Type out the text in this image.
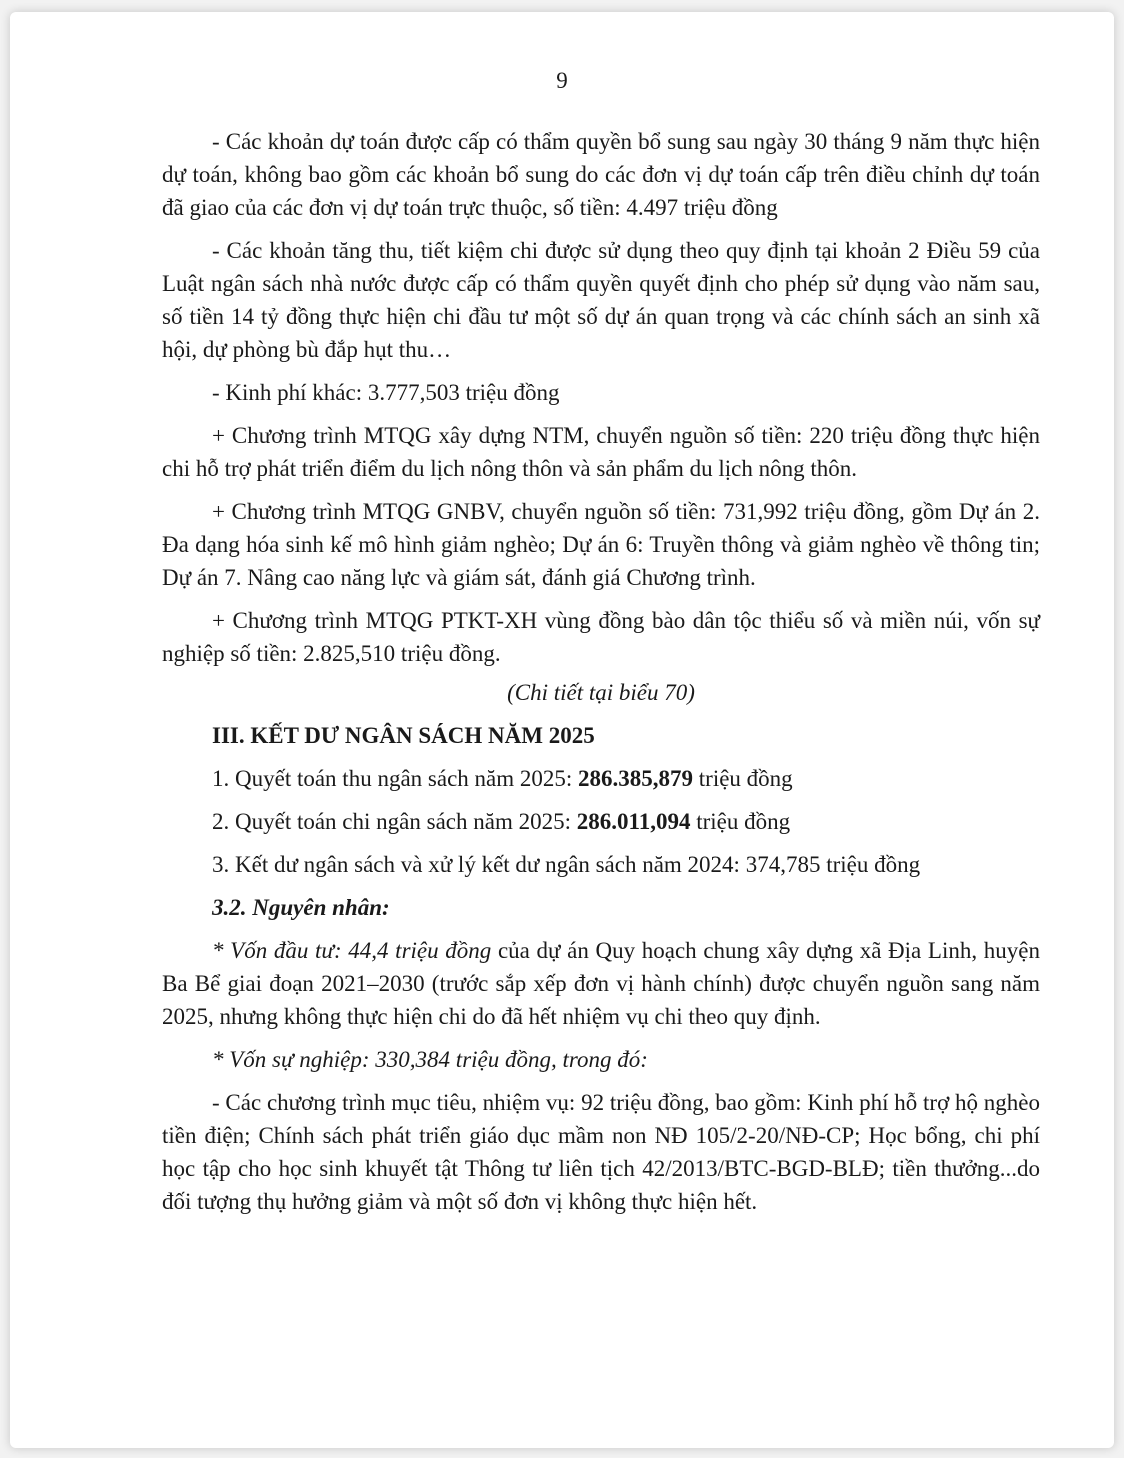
9

- Các khoản dự toán được cấp có thẩm quyền bổ sung sau ngày 30 tháng 9 năm thực hiện dự toán, không bao gồm các khoản bổ sung do các đơn vị dự toán cấp trên điều chỉnh dự toán đã giao của các đơn vị dự toán trực thuộc, số tiền: 4.497 triệu đồng

- Các khoản tăng thu, tiết kiệm chi được sử dụng theo quy định tại khoản 2 Điều 59 của Luật ngân sách nhà nước được cấp có thẩm quyền quyết định cho phép sử dụng vào năm sau, số tiền 14 tỷ đồng thực hiện chi đầu tư một số dự án quan trọng và các chính sách an sinh xã hội, dự phòng bù đắp hụt thu…

- Kinh phí khác: 3.777,503 triệu đồng

+ Chương trình MTQG xây dựng NTM, chuyển nguồn số tiền: 220 triệu đồng thực hiện chi hỗ trợ phát triển điểm du lịch nông thôn và sản phẩm du lịch nông thôn.

+ Chương trình MTQG GNBV, chuyển nguồn số tiền: 731,992 triệu đồng, gồm Dự án 2. Đa dạng hóa sinh kế mô hình giảm nghèo; Dự án 6: Truyền thông và giảm nghèo về thông tin; Dự án 7. Nâng cao năng lực và giám sát, đánh giá Chương trình.

+ Chương trình MTQG PTKT-XH vùng đồng bào dân tộc thiểu số và miền núi, vốn sự nghiệp số tiền: 2.825,510 triệu đồng.

(Chi tiết tại biểu 70)

III. KẾT DƯ NGÂN SÁCH NĂM 2025

1. Quyết toán thu ngân sách năm 2025: 286.385,879 triệu đồng

2. Quyết toán chi ngân sách năm 2025: 286.011,094 triệu đồng

3. Kết dư ngân sách và xử lý kết dư ngân sách năm 2024: 374,785 triệu đồng

3.2. Nguyên nhân:

* Vốn đầu tư: 44,4 triệu đồng của dự án Quy hoạch chung xây dựng xã Địa Linh, huyện Ba Bể giai đoạn 2021–2030 (trước sắp xếp đơn vị hành chính) được chuyển nguồn sang năm 2025, nhưng không thực hiện chi do đã hết nhiệm vụ chi theo quy định.

* Vốn sự nghiệp: 330,384 triệu đồng, trong đó:

- Các chương trình mục tiêu, nhiệm vụ: 92 triệu đồng, bao gồm: Kinh phí hỗ trợ hộ nghèo tiền điện; Chính sách phát triển giáo dục mầm non NĐ 105/2-20/NĐ-CP; Học bổng, chi phí học tập cho học sinh khuyết tật Thông tư liên tịch 42/2013/BTC-BGD-BLĐ; tiền thưởng...do đối tượng thụ hưởng giảm và một số đơn vị không thực hiện hết.
